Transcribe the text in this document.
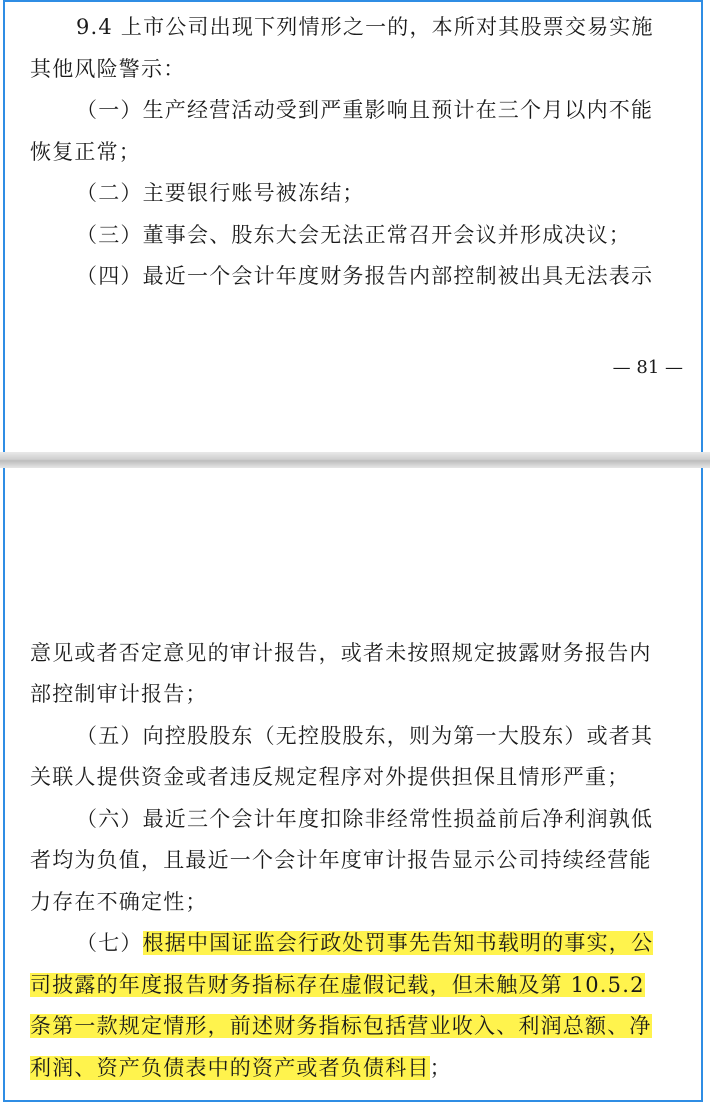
9.4 上市公司出现下列情形之一的，本所对其股票交易实施
其他风险警示：
（一）生产经营活动受到严重影响且预计在三个月以内不能
恢复正常；
（二）主要银行账号被冻结；
（三）董事会、股东大会无法正常召开会议并形成决议；
（四）最近一个会计年度财务报告内部控制被出具无法表示
— 81 —
意见或者否定意见的审计报告，或者未按照规定披露财务报告内
部控制审计报告；
（五）向控股股东（无控股股东，则为第一大股东）或者其
关联人提供资金或者违反规定程序对外提供担保且情形严重；
（六）最近三个会计年度扣除非经常性损益前后净利润孰低
者均为负值，且最近一个会计年度审计报告显示公司持续经营能
力存在不确定性；
（七）根据中国证监会行政处罚事先告知书载明的事实，公
司披露的年度报告财务指标存在虚假记载，但未触及第 10.5.2
条第一款规定情形，前述财务指标包括营业收入、利润总额、净
利润、资产负债表中的资产或者负债科目；
